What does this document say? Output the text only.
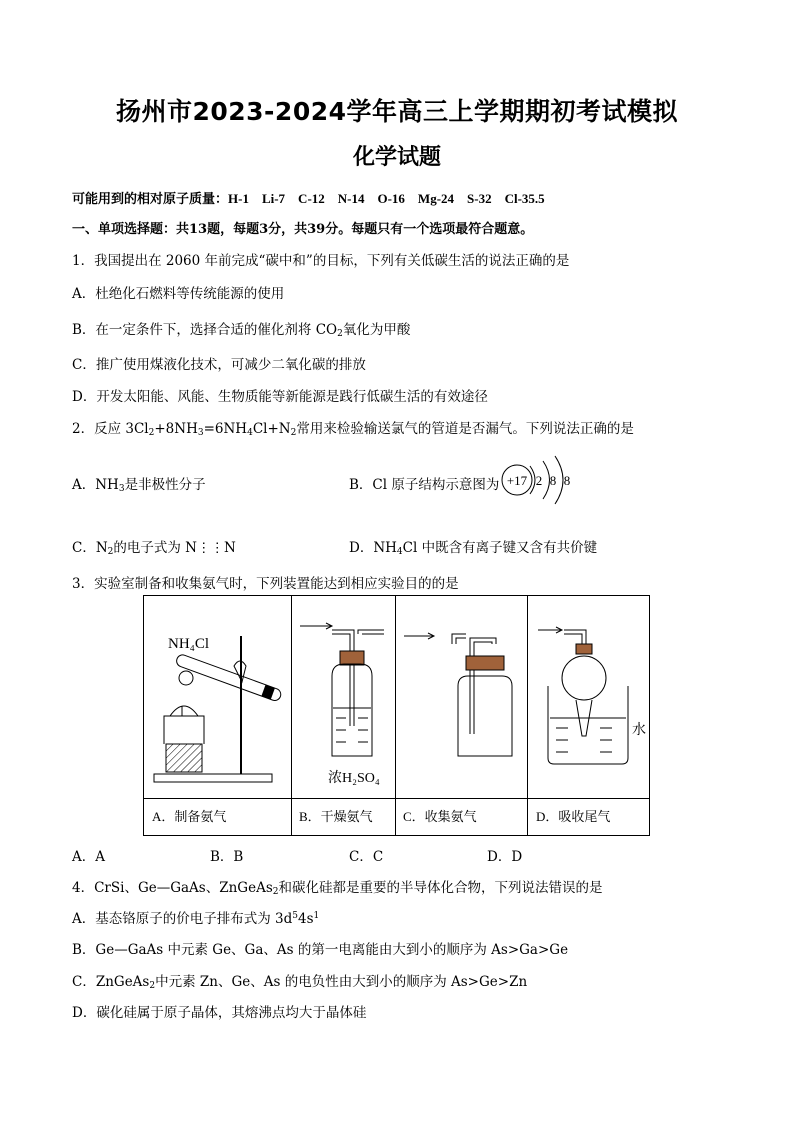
扬州市2023-2024学年高三上学期期初考试模拟
化学试题
可能用到的相对原子质量：H-1　Li-7　C-12　N-14　O-16　Mg-24　S-32　Cl-35.5
一、单项选择题：共13题，每题3分，共39分。每题只有一个选项最符合题意。
1．我国提出在 2060 年前完成“碳中和”的目标，下列有关低碳生活的说法正确的是
A．杜绝化石燃料等传统能源的使用
B．在一定条件下，选择合适的催化剂将 $CO_2$氧化为甲酸
C．推广使用煤液化技术，可减少二氧化碳的排放
D．开发太阳能、风能、生物质能等新能源是践行低碳生活的有效途径
2．反应 $3Cl_2+8NH_3=6NH_4Cl+N_2$常用来检验输送氯气的管道是否漏气。下列说法正确的是
A．$NH_3$是非极性分子	B．Cl 原子结构示意图为 +17 2 8 8
C．$N_2$的电子式为 N⋮⋮N	D．$NH_4Cl$ 中既含有离子键又含有共价键
3．实验室制备和收集氨气时，下列装置能达到相应实验目的的是
NH₄Cl
A．制备氨气
浓H₂SO₄
B．干燥氨气 C．收集氨气
水
D．吸收尾气
A．A	B．B	C．C	D．D
4．CrSi、Ge—GaAs、ZnGeAs$_2$和碳化硅都是重要的半导体化合物，下列说法错误的是
A．基态铬原子的价电子排布式为 $3d^54s^1$
B．Ge—GaAs 中元素 Ge、Ga、As 的第一电离能由大到小的顺序为 As>Ga>Ge
C．ZnGeAs$_2$中元素 Zn、Ge、As 的电负性由大到小的顺序为 As>Ge>Zn
D．碳化硅属于原子晶体，其熔沸点均大于晶体硅
